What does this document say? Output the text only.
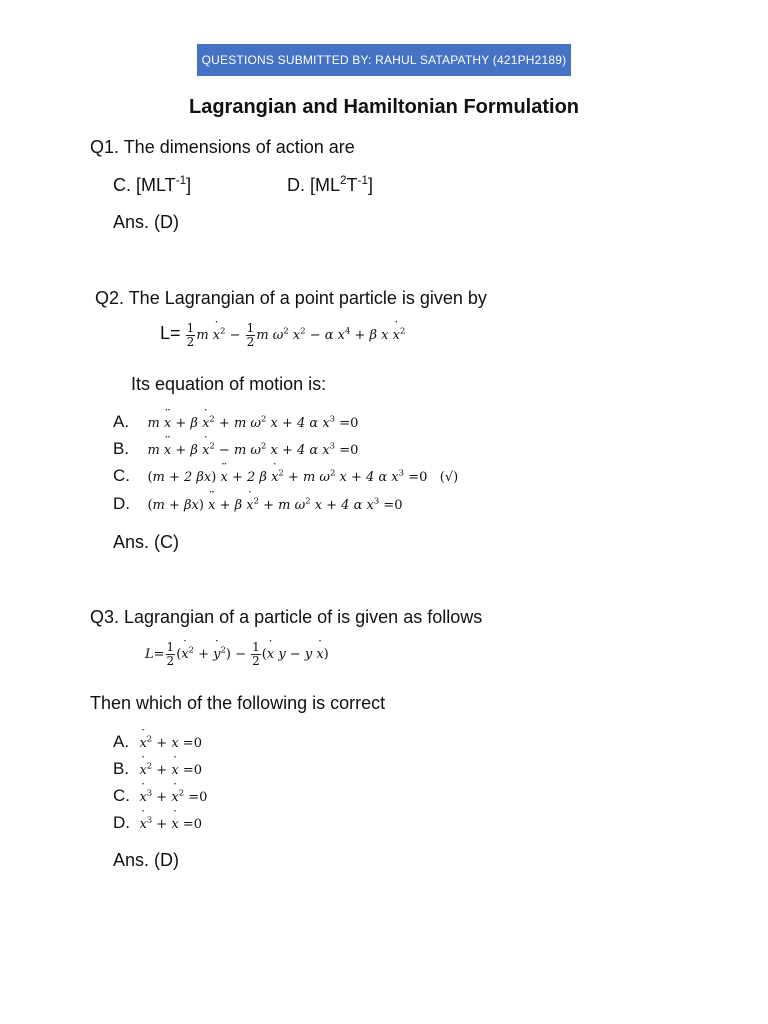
QUESTIONS SUBMITTED BY: RAHUL SATAPATHY (421PH2189)
Lagrangian and Hamiltonian Formulation
Q1. The dimensions of action are
C. $[MLT^{-1}]$	D. $[ML^2T^{-1}]$
Ans. (D)
Q2. The Lagrangian of a point particle is given by
$L= \frac{1}{2}$ m x ˙$^2$ − $\frac{1}{2}$ m $\omega^2$ $x^2 - \alpha$ $x^4 + \beta$ x x ˙$^2$
Its equation of motion is:
A. m x ¨ + β x ˙$^2$ + m $\omega^2$ x + 4 α $x^3 =0$
B. m x ¨ + β x ˙$^2$ − m $\omega^2$ x + 4 α $x^3 =0$
C. (m + 2 βx) x ¨ + 2 β x ˙$^2$ + m $\omega^2$ x + 4 α $x^3 =0$ (√)
D. (m + βx) x ¨ + β x ˙$^2$ + m $\omega^2$ x + 4 α $x^3 =0$
Ans. (C)
Q3. Lagrangian of a particle of is given as follows
$L= \frac{1}{2} (x$ ˙$^2$ + y ˙$^2$) − $\frac{1}{2} (x$ ˙ y − y x ˙)
Then which of the following is correct
A. x ˙$^2$ + x =0
B. x ˙$^2$ + x ˙ =0
C. x ˙$^3$ + x ˙$^2$ =0
D. x ˙$^3$ + x ˙ =0
Ans. (D)
